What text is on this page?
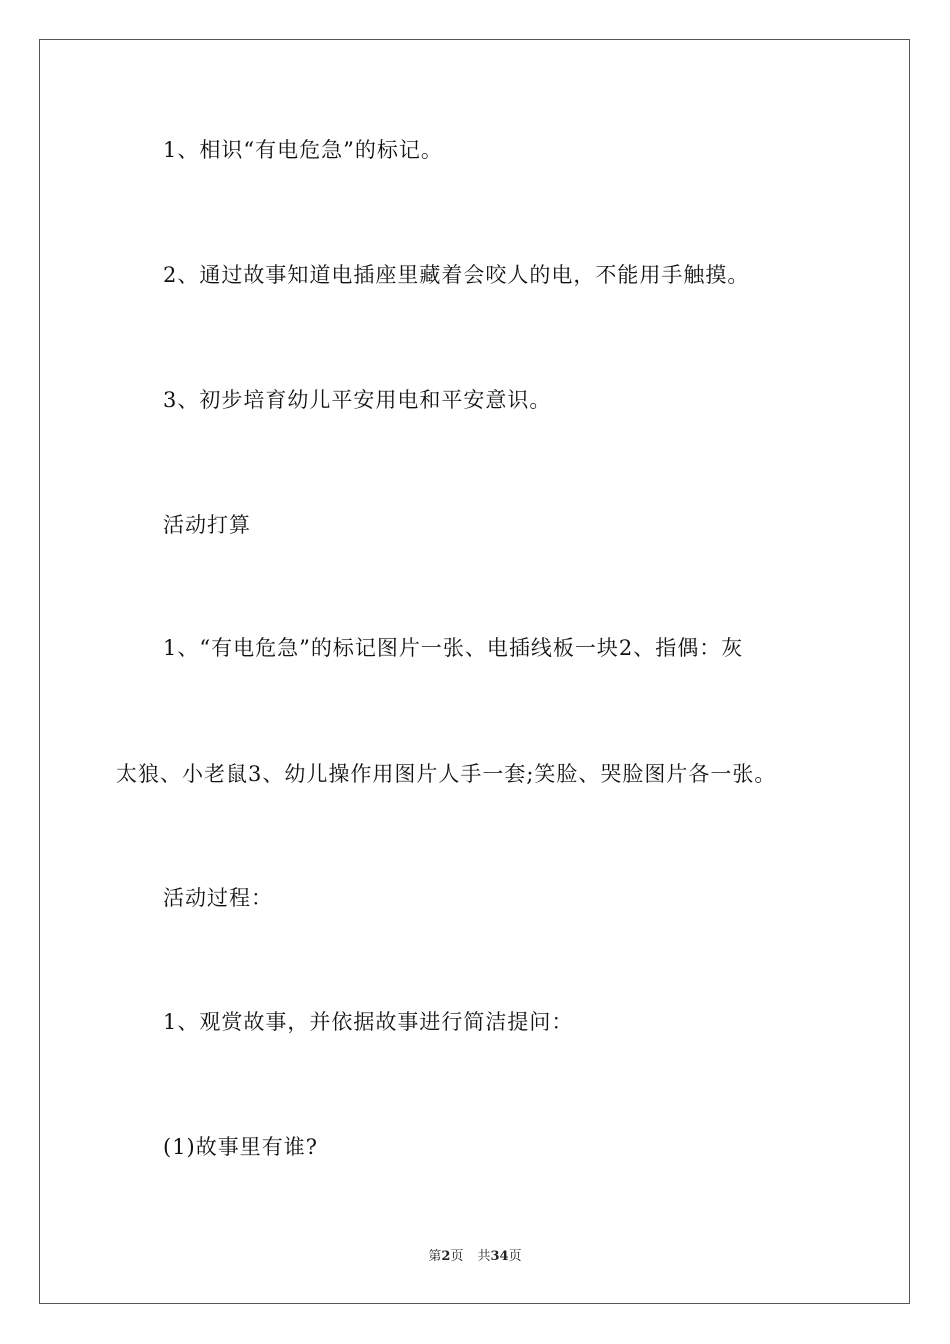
1、相识“有电危急”的标记。
2、通过故事知道电插座里藏着会咬人的电，不能用手触摸。
3、初步培育幼儿平安用电和平安意识。
活动打算
1、“有电危急”的标记图片一张、电插线板一块2、指偶：灰
太狼、小老鼠3、幼儿操作用图片人手一套;笑脸、哭脸图片各一张。
活动过程：
1、观赏故事，并依据故事进行简洁提问：
(1)故事里有谁?
第2页 共34页
